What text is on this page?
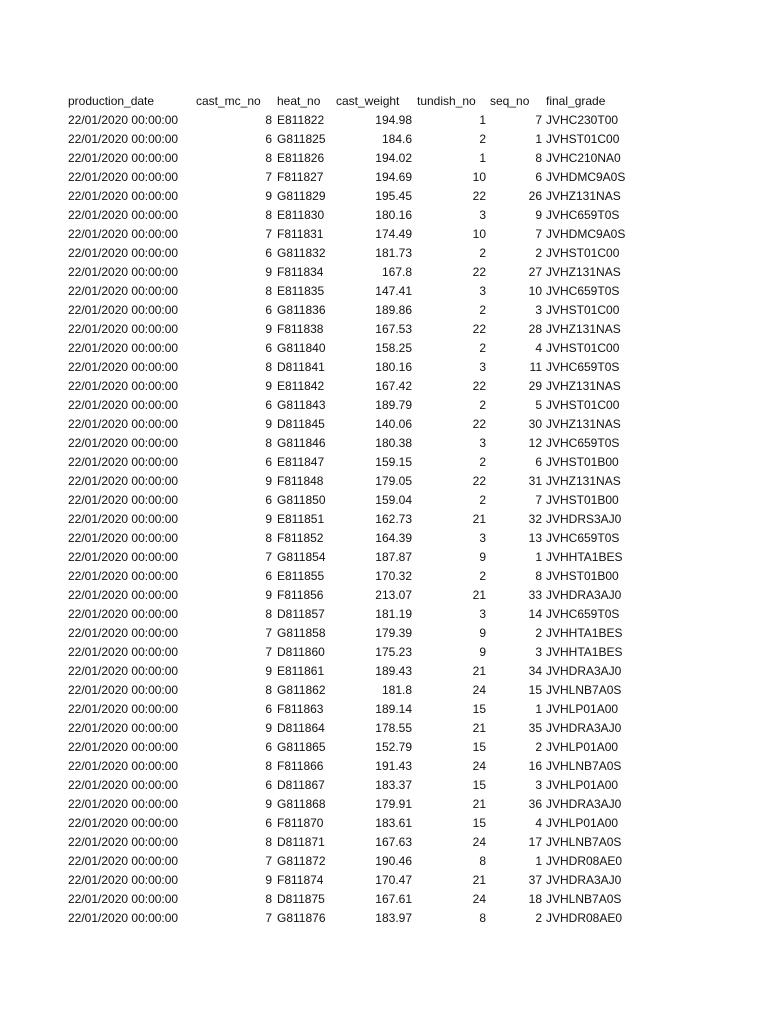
production_date	cast_mc_no	heat_no	cast_weight	tundish_no	seq_no	final_grade
22/01/2020 00:00:00	8	E811822	194.98	1	7	JVHC230T00
22/01/2020 00:00:00	6	G811825	184.6	2	1	JVHST01C00
22/01/2020 00:00:00	8	E811826	194.02	1	8	JVHC210NA0
22/01/2020 00:00:00	7	F811827	194.69	10	6	JVHDMC9A0S
22/01/2020 00:00:00	9	G811829	195.45	22	26	JVHZ131NAS
22/01/2020 00:00:00	8	E811830	180.16	3	9	JVHC659T0S
22/01/2020 00:00:00	7	F811831	174.49	10	7	JVHDMC9A0S
22/01/2020 00:00:00	6	G811832	181.73	2	2	JVHST01C00
22/01/2020 00:00:00	9	F811834	167.8	22	27	JVHZ131NAS
22/01/2020 00:00:00	8	E811835	147.41	3	10	JVHC659T0S
22/01/2020 00:00:00	6	G811836	189.86	2	3	JVHST01C00
22/01/2020 00:00:00	9	F811838	167.53	22	28	JVHZ131NAS
22/01/2020 00:00:00	6	G811840	158.25	2	4	JVHST01C00
22/01/2020 00:00:00	8	D811841	180.16	3	11	JVHC659T0S
22/01/2020 00:00:00	9	E811842	167.42	22	29	JVHZ131NAS
22/01/2020 00:00:00	6	G811843	189.79	2	5	JVHST01C00
22/01/2020 00:00:00	9	D811845	140.06	22	30	JVHZ131NAS
22/01/2020 00:00:00	8	G811846	180.38	3	12	JVHC659T0S
22/01/2020 00:00:00	6	E811847	159.15	2	6	JVHST01B00
22/01/2020 00:00:00	9	F811848	179.05	22	31	JVHZ131NAS
22/01/2020 00:00:00	6	G811850	159.04	2	7	JVHST01B00
22/01/2020 00:00:00	9	E811851	162.73	21	32	JVHDRS3AJ0
22/01/2020 00:00:00	8	F811852	164.39	3	13	JVHC659T0S
22/01/2020 00:00:00	7	G811854	187.87	9	1	JVHHTA1BES
22/01/2020 00:00:00	6	E811855	170.32	2	8	JVHST01B00
22/01/2020 00:00:00	9	F811856	213.07	21	33	JVHDRA3AJ0
22/01/2020 00:00:00	8	D811857	181.19	3	14	JVHC659T0S
22/01/2020 00:00:00	7	G811858	179.39	9	2	JVHHTA1BES
22/01/2020 00:00:00	7	D811860	175.23	9	3	JVHHTA1BES
22/01/2020 00:00:00	9	E811861	189.43	21	34	JVHDRA3AJ0
22/01/2020 00:00:00	8	G811862	181.8	24	15	JVHLNB7A0S
22/01/2020 00:00:00	6	F811863	189.14	15	1	JVHLP01A00
22/01/2020 00:00:00	9	D811864	178.55	21	35	JVHDRA3AJ0
22/01/2020 00:00:00	6	G811865	152.79	15	2	JVHLP01A00
22/01/2020 00:00:00	8	F811866	191.43	24	16	JVHLNB7A0S
22/01/2020 00:00:00	6	D811867	183.37	15	3	JVHLP01A00
22/01/2020 00:00:00	9	G811868	179.91	21	36	JVHDRA3AJ0
22/01/2020 00:00:00	6	F811870	183.61	15	4	JVHLP01A00
22/01/2020 00:00:00	8	D811871	167.63	24	17	JVHLNB7A0S
22/01/2020 00:00:00	7	G811872	190.46	8	1	JVHDR08AE0
22/01/2020 00:00:00	9	F811874	170.47	21	37	JVHDRA3AJ0
22/01/2020 00:00:00	8	D811875	167.61	24	18	JVHLNB7A0S
22/01/2020 00:00:00	7	G811876	183.97	8	2	JVHDR08AE0
